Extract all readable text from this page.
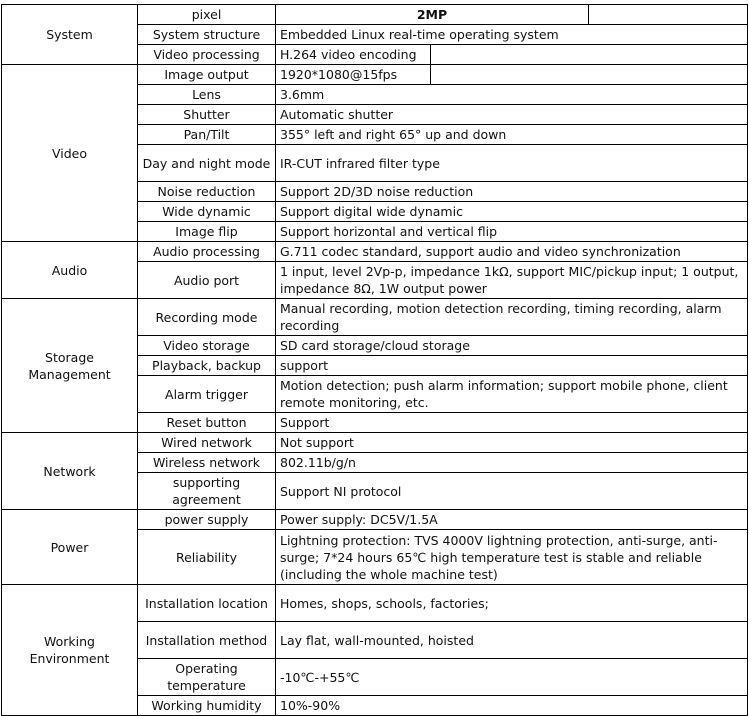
System	pixel	2MP		
	System structure	Embedded Linux real-time operating system		
	Video processing	H.264 video encoding		
Video	Image output	1920*1080@15fps		
	Lens	3.6mm		
	Shutter	Automatic shutter		
	Pan/Tilt	355° left and right 65° up and down		
	Day and night mode	IR-CUT infrared filter type		
	Noise reduction	Support 2D/3D noise reduction		
	Wide dynamic	Support digital wide dynamic		
	Image flip	Support horizontal and vertical flip		
Audio	Audio processing	G.711 codec standard, support audio and video synchronization		
	Audio port	1 input, level 2Vp-p, impedance 1kΩ, support MIC/pickup input; 1 output, impedance 8Ω, 1W output power		
Storage Management	Recording mode	Manual recording, motion detection recording, timing recording, alarm recording		
	Video storage	SD card storage/cloud storage		
	Playback, backup	support		
	Alarm trigger	Motion detection; push alarm information; support mobile phone, client remote monitoring, etc.		
	Reset button	Support		
Network	Wired network	Not support		
	Wireless network	802.11b/g/n		
	supporting agreement	Support NI protocol		
Power	power supply	Power supply: DC5V/1.5A		
	Reliability	Lightning protection: TVS 4000V lightning protection, anti-surge, anti-surge; 7*24 hours 65℃ high temperature test is stable and reliable (including the whole machine test)		
Working Environment	Installation location	Homes, shops, schools, factories;		
	Installation method	Lay flat, wall-mounted, hoisted		
	Operating temperature	-10℃-+55℃		
	Working humidity	10%-90%		
